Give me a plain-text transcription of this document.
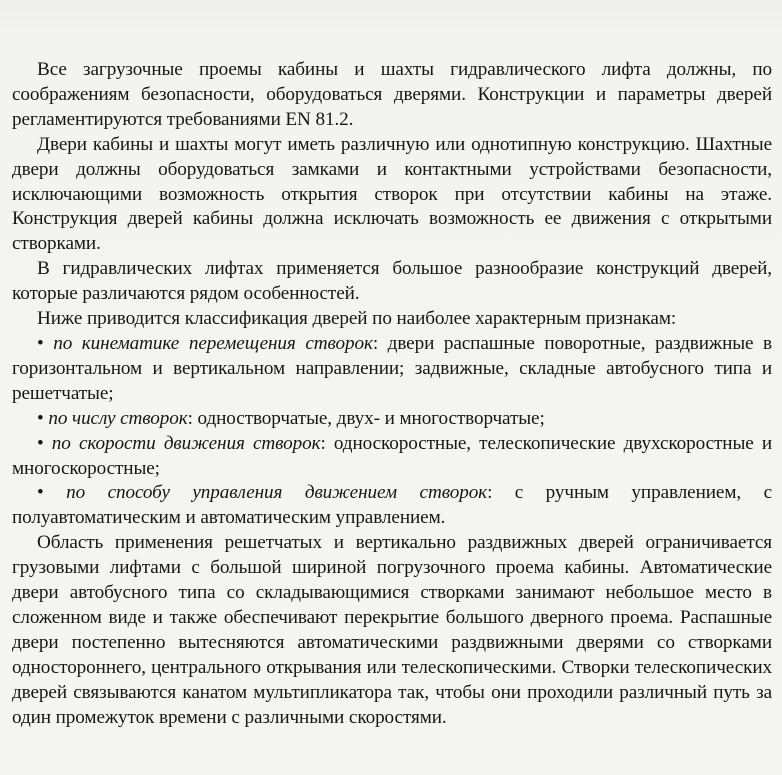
Все загрузочные проемы кабины и шахты гидравлического лифта должны, по соображениям безопасности, оборудоваться дверями. Конструкции и параметры дверей регламентируются требованиями EN 81.2.

Двери кабины и шахты могут иметь различную или однотипную конструкцию. Шахтные двери должны оборудоваться замками и контактными устройствами безопасности, исключающими возможность открытия створок при отсутствии кабины на этаже. Конструкция дверей кабины должна исключать возможность ее движения с открытыми створками.

В гидравлических лифтах применяется большое разнообразие конструкций дверей, которые различаются рядом особенностей.

Ниже приводится классификация дверей по наиболее характерным признакам:

• по кинематике перемещения створок: двери распашные поворотные, раздвижные в горизонтальном и вертикальном направлении; задвижные, складные автобусного типа и решетчатые;

• по числу створок: одностворчатые, двух- и многостворчатые;

• по скорости движения створок: односкоростные, телескопические двухскоростные и многоскоростные;

• по способу управления движением створок: с ручным управлением, с полуавтоматическим и автоматическим управлением.

Область применения решетчатых и вертикально раздвижных дверей ограничивается грузовыми лифтами с большой шириной погрузочного проема кабины. Автоматические двери автобусного типа со складывающимися створками занимают небольшое место в сложенном виде и также обеспечивают перекрытие большого дверного проема. Распашные двери постепенно вытесняются автоматическими раздвижными дверями со створками одностороннего, центрального открывания или телескопическими. Створки телескопических дверей связываются канатом мультипликатора так, чтобы они проходили различный путь за один промежуток времени с различными скоростями.
